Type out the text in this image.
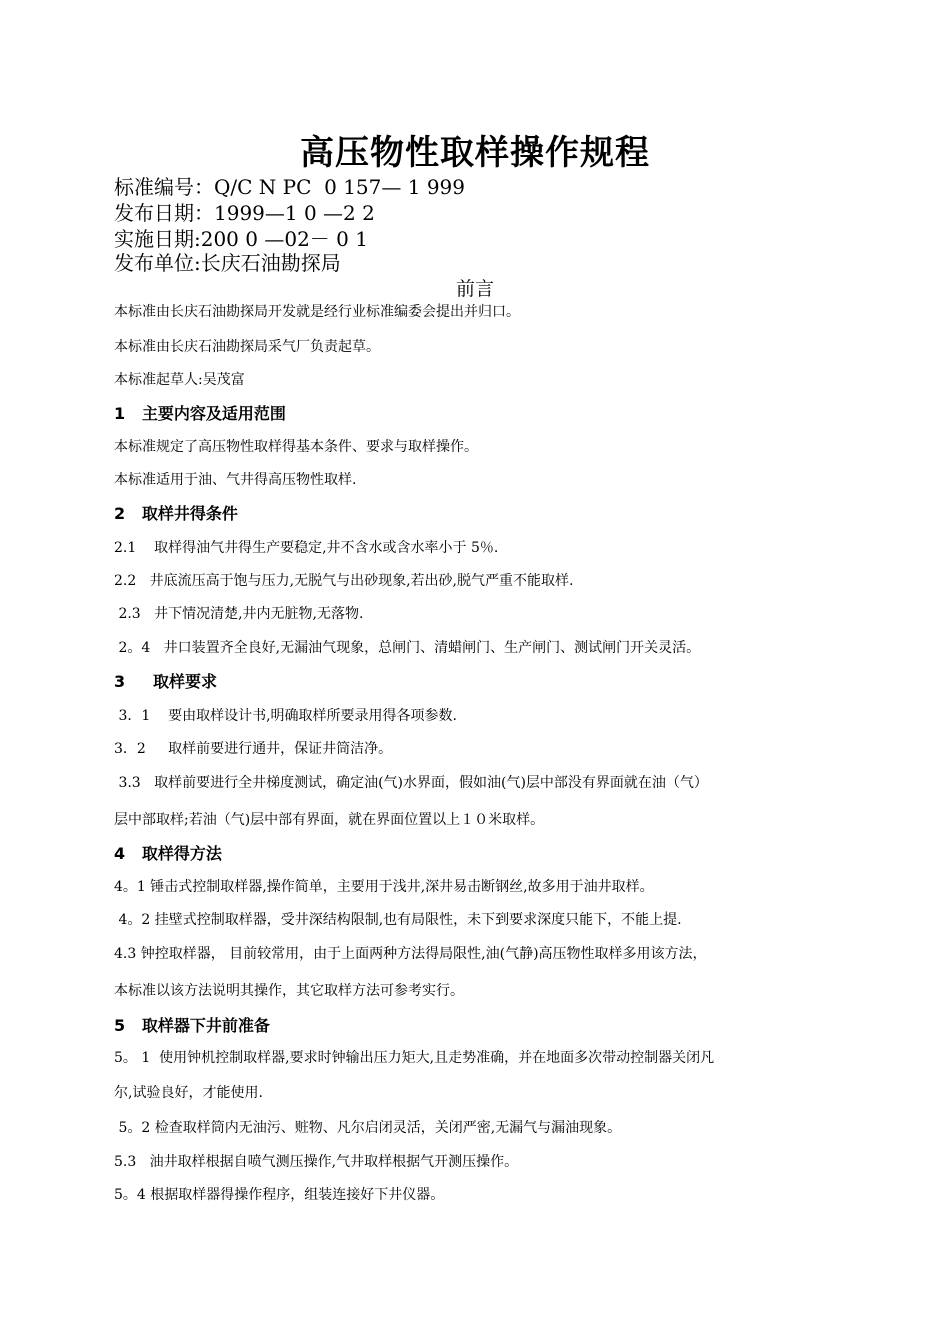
高压物性取样操作规程
标准编号：Q/C N PC  0 157— 1 999
发布日期：1999—1 0 —2 2
实施日期:200 0 —02－ 0 1
发布单位:长庆石油勘探局
前言
本标准由长庆石油勘探局开发就是经行业标准编委会提出并归口。
本标准由长庆石油勘探局采气厂负责起草。
本标准起草人:吴茂富
1   主要内容及适用范围
本标准规定了高压物性取样得基本条件、要求与取样操作。
本标准适用于油、气井得高压物性取样.
2   取样井得条件
2.1    取样得油气井得生产要稳定,井不含水或含水率小于 5％.
2.2   井底流压高于饱与压力,无脱气与出砂现象,若出砂,脱气严重不能取样.
2.3   井下情况清楚,井内无脏物,无落物.
2。4   井口装置齐全良好,无漏油气现象，总闸门、清蜡闸门、生产闸门、测试闸门开关灵活。
3     取样要求
3．1    要由取样设计书,明确取样所要录用得各项参数.
3．2     取样前要进行通井，保证井筒洁净。
3.3   取样前要进行全井梯度测试，确定油(气)水界面，假如油(气)层中部没有界面就在油（气）
层中部取样;若油（气)层中部有界面，就在界面位置以上１０米取样。
4   取样得方法
4。1 锤击式控制取样器,操作简单，主要用于浅井,深井易击断钢丝,故多用于油井取样。
4。2 挂壁式控制取样器，受井深结构限制,也有局限性，未下到要求深度只能下，不能上提.
4.3 钟控取样器， 目前较常用，由于上面两种方法得局限性,油(气静)高压物性取样多用该方法，
本标准以该方法说明其操作，其它取样方法可参考实行。
5   取样器下井前准备
5。 1  使用钟机控制取样器,要求时钟输出压力矩大,且走势准确，并在地面多次带动控制器关闭凡
尔,试验良好，才能使用.
5。2 检查取样筒内无油污、赃物、凡尔启闭灵活，关闭严密,无漏气与漏油现象。
5.3   油井取样根据自喷气测压操作,气井取样根据气开测压操作。
5。4 根据取样器得操作程序，组装连接好下井仪器。
